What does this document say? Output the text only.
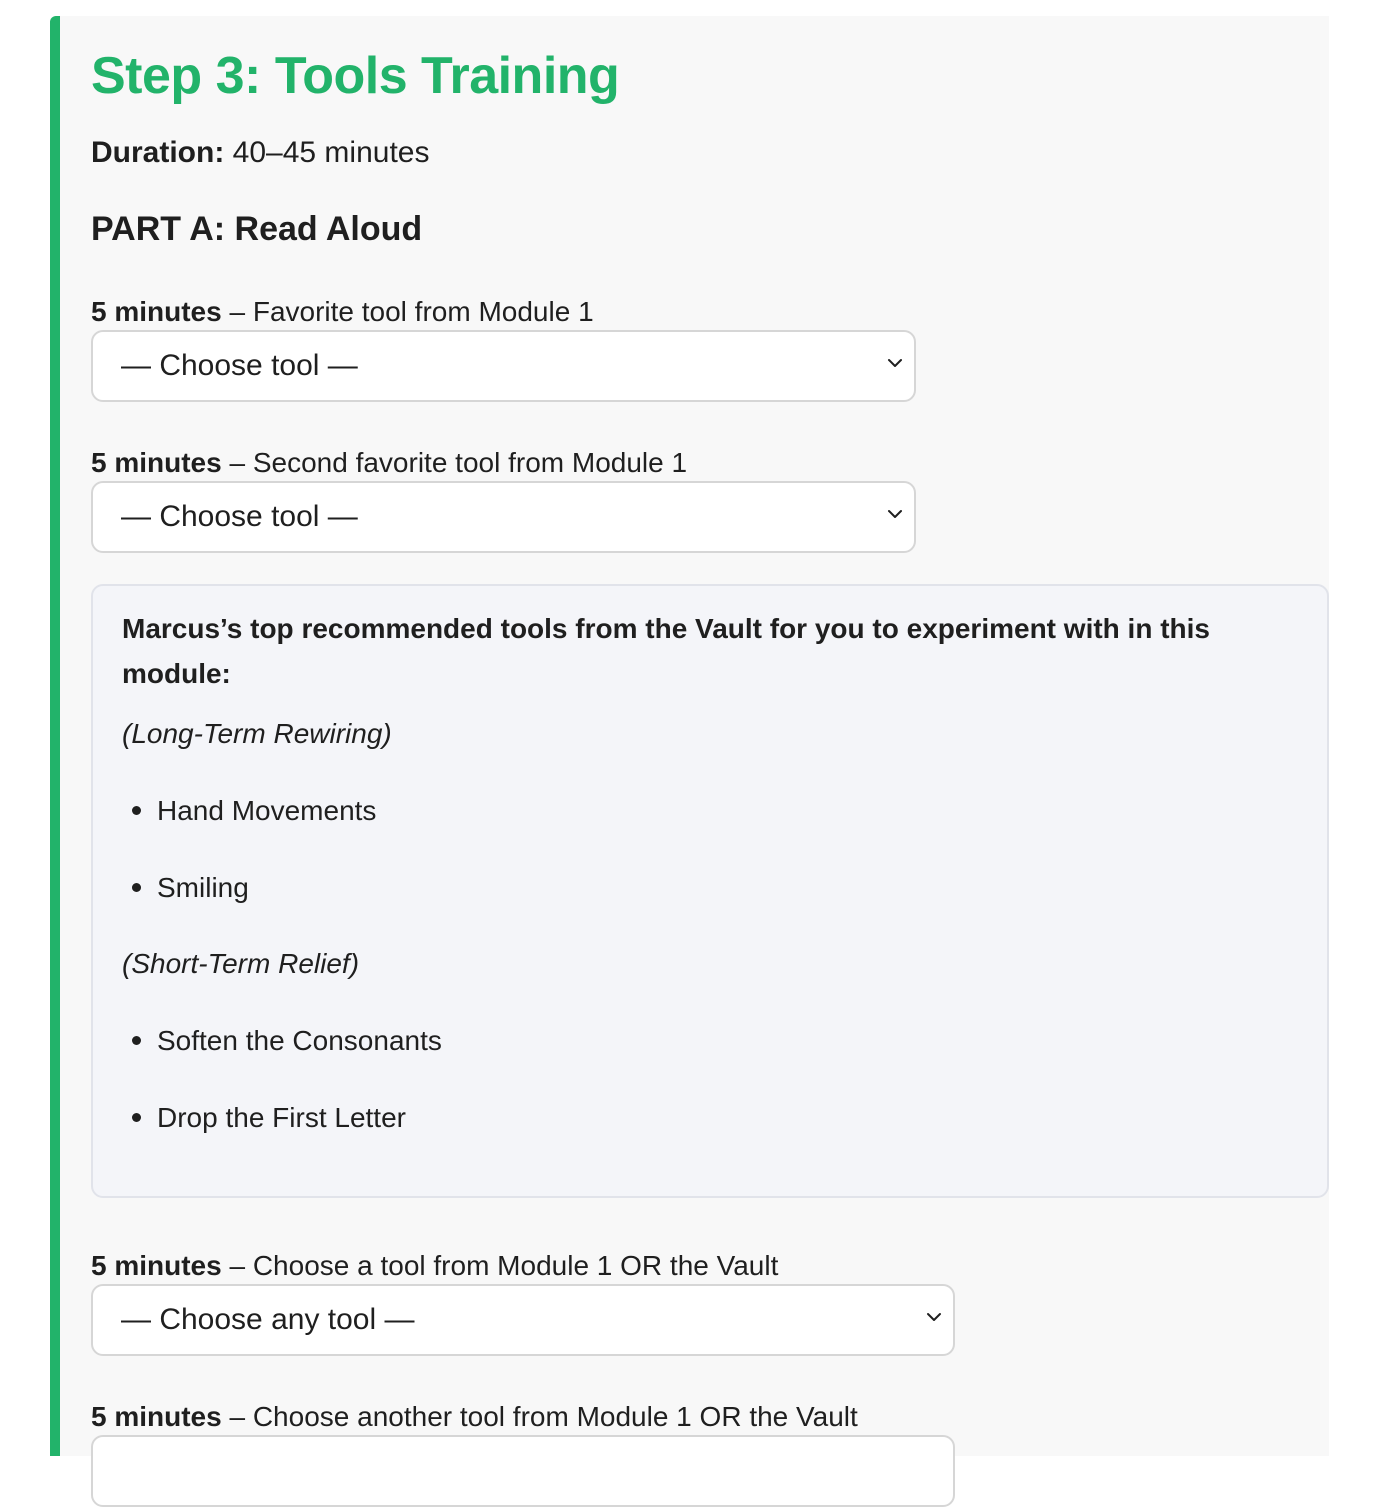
Step 3: Tools Training
Duration: 40–45 minutes
PART A: Read Aloud
5 minutes – Favorite tool from Module 1
— Choose tool —
5 minutes – Second favorite tool from Module 1
— Choose tool —
Marcus’s top recommended tools from the Vault for you to experiment with in this module:
(Long-Term Rewiring)
Hand Movements
Smiling
(Short-Term Relief)
Soften the Consonants
Drop the First Letter
5 minutes – Choose a tool from Module 1 OR the Vault
— Choose any tool —
5 minutes – Choose another tool from Module 1 OR the Vault
